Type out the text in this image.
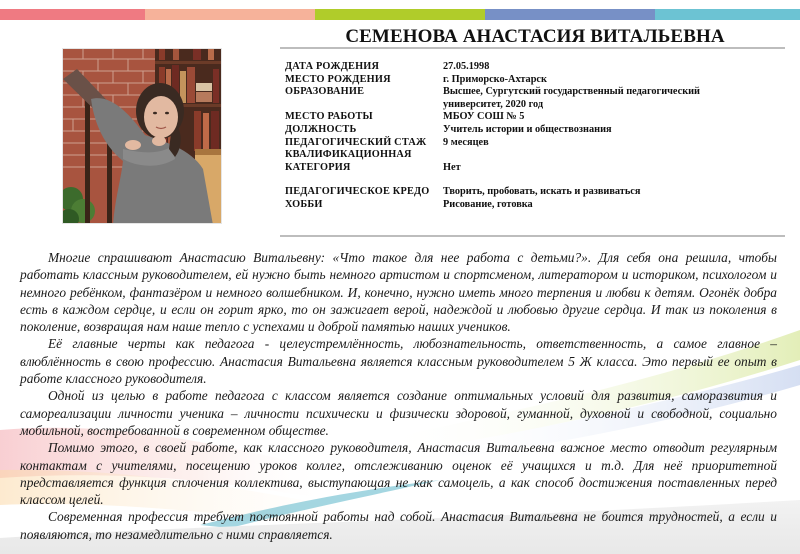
СЕМЕНОВА АНАСТАСИЯ ВИТАЛЬЕВНА
ДАТА РОЖДЕНИЯ	27.05.1998
МЕСТО РОЖДЕНИЯ	г. Приморско-Ахтарск
ОБРАЗОВАНИЕ	Высшее, Сургутский государственный педагогический университет, 2020 год
МЕСТО РАБОТЫ	МБОУ СОШ № 5
ДОЛЖНОСТЬ	Учитель истории и обществознания
ПЕДАГОГИЧЕСКИЙ СТАЖ	9 месяцев
КВАЛИФИКАЦИОННАЯ КАТЕГОРИЯ	Нет
ПЕДАГОГИЧЕСКОЕ КРЕДО	Творить, пробовать, искать и развиваться
ХОББИ	Рисование, готовка

Многие спрашивают Анастасию Витальевну: «Что такое для нее работа с детьми?». Для себя она решила, чтобы работать классным руководителем, ей нужно быть немного артистом и спортсменом, литератором и историком, психологом и немного ребёнком, фантазёром и немного волшебником. И, конечно, нужно иметь много терпения и любви к детям. Огонёк добра есть в каждом сердце, и если он горит ярко, то он зажигает верой, надеждой и любовью другие сердца. И так из поколения в поколение, возвращая нам наше тепло с успехами и доброй памятью наших учеников.

Её главные черты как педагога - целеустремлённость, любознательность, ответственность, а самое главное – влюблённость в свою профессию. Анастасия Витальевна является классным руководителем 5 Ж класса. Это первый ее опыт в работе классного руководителя.

Одной из целью в работе педагога с классом является создание оптимальных условий для развития, саморазвития и самореализации личности ученика – личности психически и физически здоровой, гуманной, духовной и свободной, социально мобильной, востребованной в современном обществе.

Помимо этого, в своей работе, как классного руководителя, Анастасия Витальевна важное место отводит регулярным контактам с учителями, посещению уроков коллег, отслеживанию оценок её учащихся и т.д. Для неё приоритетной представляется функция сплочения коллектива, выступающая не как самоцель, а как способ достижения поставленных перед классом целей.

Современная профессия требует постоянной работы над собой. Анастасия Витальевна не боится трудностей, а если и появляются, то незамедлительно с ними справляется.
